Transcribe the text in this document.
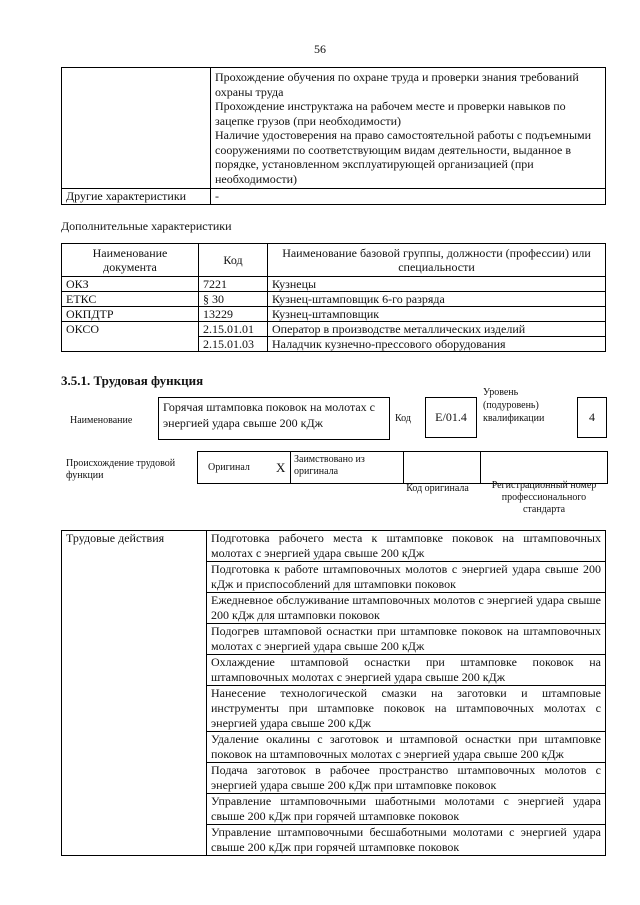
56

	Прохождение обучения по охране труда и проверки знания требований охраны труда
Прохождение инструктажа на рабочем месте и проверки навыков по зацепке грузов (при необходимости)
Наличие удостоверения на право самостоятельной работы с подъемными сооружениями по соответствующим видам деятельности, выданное в порядке, установленном эксплуатирующей организацией (при необходимости)

Другие характеристики	-
Дополнительные характеристики
Наименование документа	Код	Наименование базовой группы, должности (профессии) или специальности
ОКЗ	7221	Кузнецы
ЕТКС	§ 30	Кузнец-штамповщик 6-го разряда
ОКПДТР	13229	Кузнец-штамповщик
ОКСО	2.15.01.01	Оператор в производстве металлических изделий
	2.15.01.03	Наладчик кузнечно-прессового оборудования
3.5.1. Трудовая функция
Наименование
Горячая штамповка поковок на молотах с энергией удара свыше 200 кДж	Код	E/01.4
Уровень (подуровень) квалификации	4
Происхождение трудовой функции
Оригинал X
Заимствовано из оригинала
Код оригинала	Регистрационный номер профессионального стандарта
Трудовые действия	Подготовка рабочего места к штамповке поковок на штамповочных молотах с энергией удара свыше 200 кДж
Подготовка к работе штамповочных молотов с энергией удара свыше 200 кДж и приспособлений для штамповки поковок
Ежедневное обслуживание штамповочных молотов с энергией удара свыше 200 кДж для штамповки поковок
Подогрев штамповой оснастки при штамповке поковок на штамповочных молотах с энергией удара свыше 200 кДж
Охлаждение штамповой оснастки при штамповке поковок на штамповочных молотах с энергией удара свыше 200 кДж
Нанесение технологической смазки на заготовки и штамповые инструменты при штамповке поковок на штамповочных молотах с энергией удара свыше 200 кДж
Удаление окалины с заготовок и штамповой оснастки при штамповке поковок на штамповочных молотах с энергией удара свыше 200 кДж
Подача заготовок в рабочее пространство штамповочных молотов с энергией удара свыше 200 кДж при штамповке поковок
Управление штамповочными шаботными молотами с энергией удара свыше 200 кДж при горячей штамповке поковок
Управление штамповочными бесшаботными молотами с энергией удара свыше 200 кДж при горячей штамповке поковок
